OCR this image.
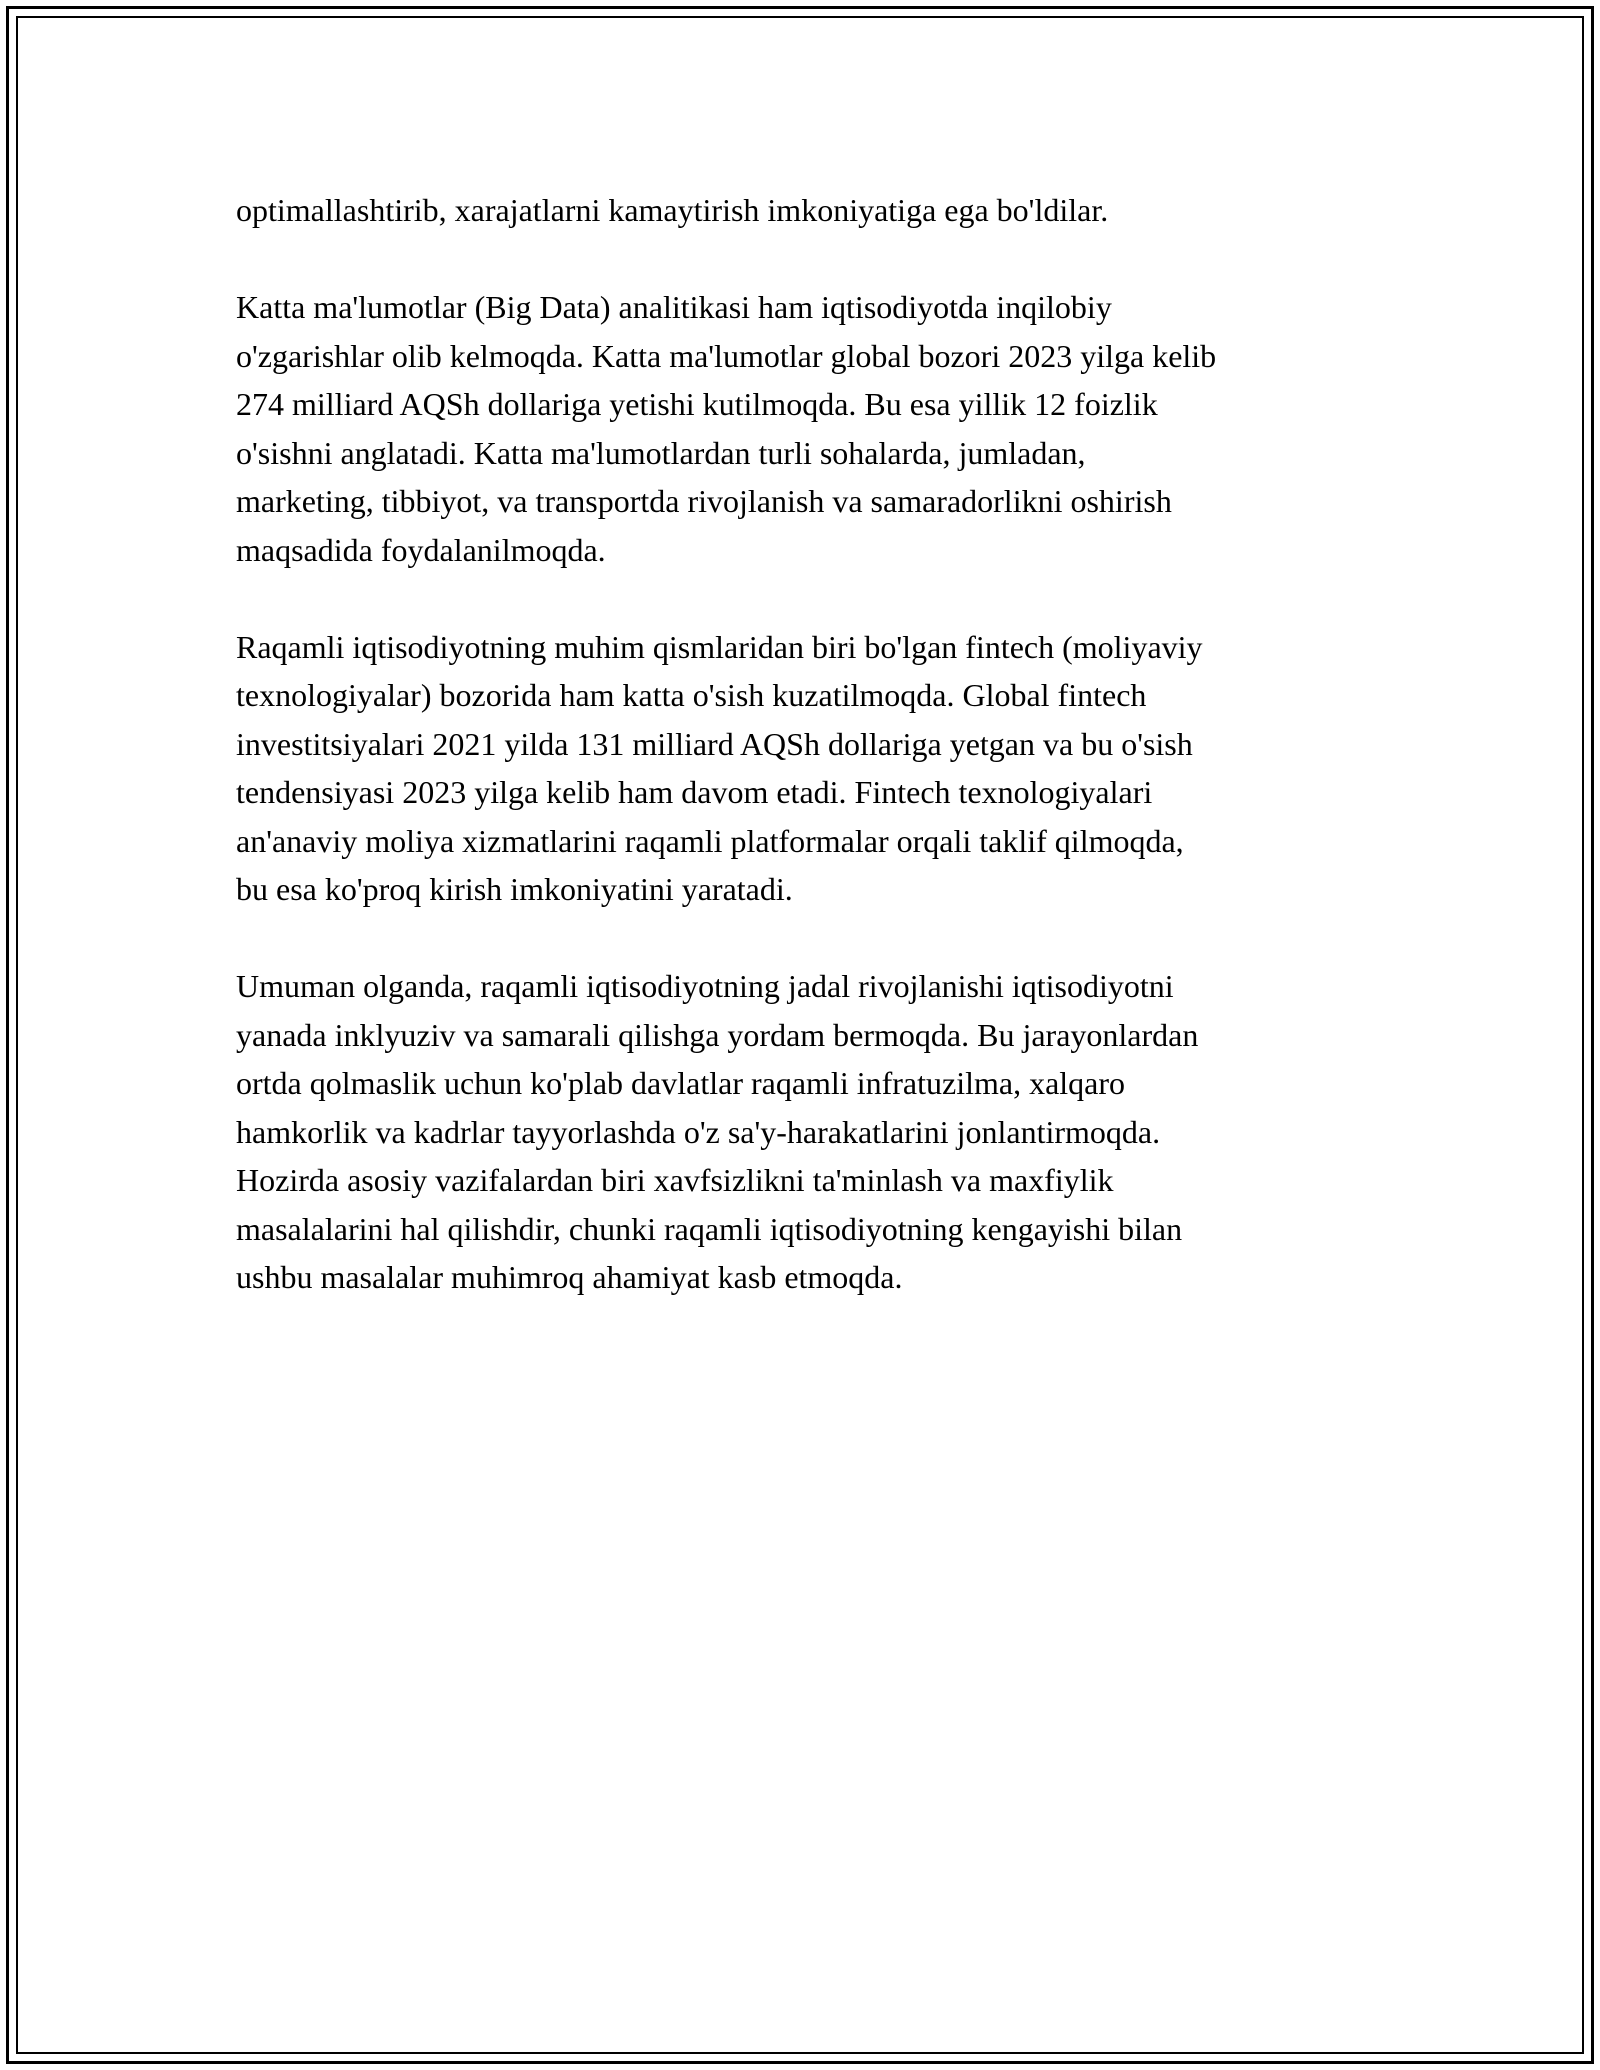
optimallashtirib, xarajatlarni kamaytirish imkoniyatiga ega bo'ldilar.

Katta ma'lumotlar (Big Data) analitikasi ham iqtisodiyotda inqilobiy
o'zgarishlar olib kelmoqda. Katta ma'lumotlar global bozori 2023 yilga kelib
274 milliard AQSh dollariga yetishi kutilmoqda. Bu esa yillik 12 foizlik
o'sishni anglatadi. Katta ma'lumotlardan turli sohalarda, jumladan,
marketing, tibbiyot, va transportda rivojlanish va samaradorlikni oshirish
maqsadida foydalanilmoqda.

Raqamli iqtisodiyotning muhim qismlaridan biri bo'lgan fintech (moliyaviy
texnologiyalar) bozorida ham katta o'sish kuzatilmoqda. Global fintech
investitsiyalari 2021 yilda 131 milliard AQSh dollariga yetgan va bu o'sish
tendensiyasi 2023 yilga kelib ham davom etadi. Fintech texnologiyalari
an'anaviy moliya xizmatlarini raqamli platformalar orqali taklif qilmoqda,
bu esa ko'proq kirish imkoniyatini yaratadi.

Umuman olganda, raqamli iqtisodiyotning jadal rivojlanishi iqtisodiyotni
yanada inklyuziv va samarali qilishga yordam bermoqda. Bu jarayonlardan
ortda qolmaslik uchun ko'plab davlatlar raqamli infratuzilma, xalqaro
hamkorlik va kadrlar tayyorlashda o'z sa'y-harakatlarini jonlantirmoqda.
Hozirda asosiy vazifalardan biri xavfsizlikni ta'minlash va maxfiylik
masalalarini hal qilishdir, chunki raqamli iqtisodiyotning kengayishi bilan
ushbu masalalar muhimroq ahamiyat kasb etmoqda.
